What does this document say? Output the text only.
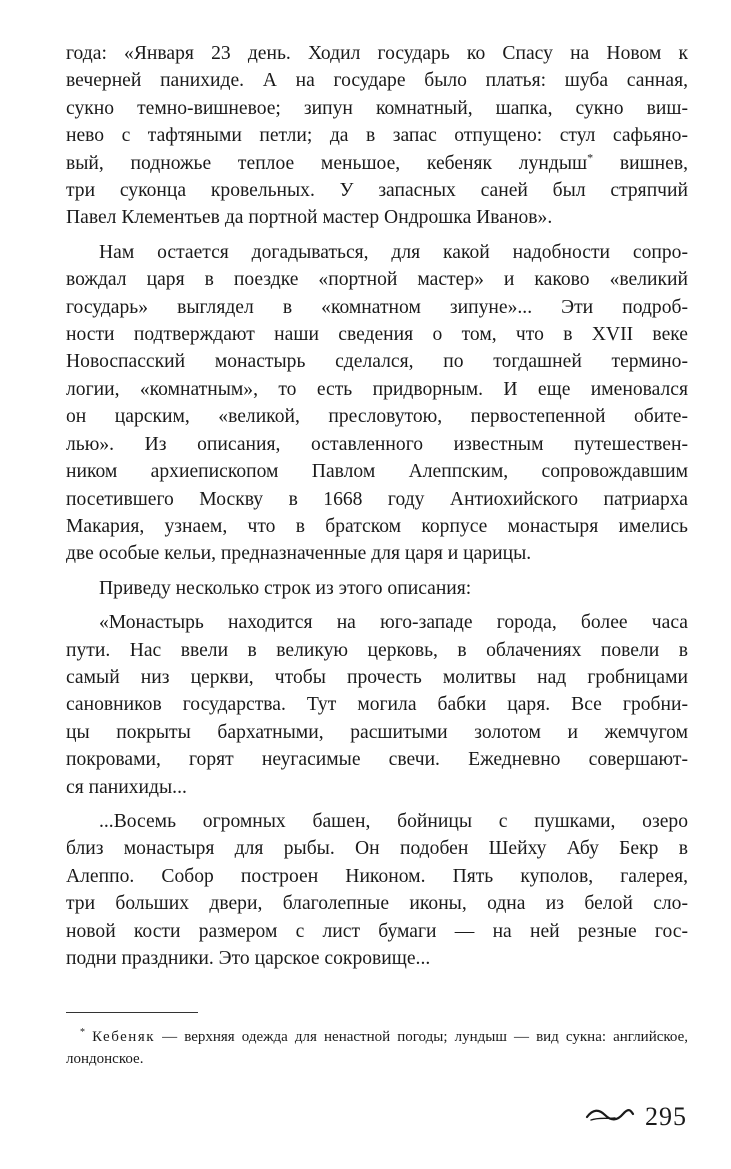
года: «Января 23 день. Ходил государь ко Спасу на Новом к
вечерней панихиде. А на государе было платья: шуба санная,
сукно темно-вишневое; зипун комнатный, шапка, сукно виш-
нево с тафтяными петли; да в запас отпущено: стул сафьяно-
вый, подножье теплое меньшое, кебеняк лундыш* вишнев,
три суконца кровельных. У запасных саней был стряпчий
Павел Клементьев да портной мастер Ондрошка Иванов».

Нам остается догадываться, для какой надобности сопро-
вождал царя в поездке «портной мастер» и каково «великий
государь» выглядел в «комнатном зипуне»... Эти подроб-
ности подтверждают наши сведения о том, что в XVII веке
Новоспасский монастырь сделался, по тогдашней термино-
логии, «комнатным», то есть придворным. И еще именовался
он царским, «великой, пресловутою, первостепенной обите-
лью». Из описания, оставленного известным путешествен-
ником архиепископом Павлом Алеппским, сопровождавшим
посетившего Москву в 1668 году Антиохийского патриарха
Макария, узнаем, что в братском корпусе монастыря имелись
две особые кельи, предназначенные для царя и царицы.

Приведу несколько строк из этого описания:

«Монастырь находится на юго-западе города, более часа
пути. Нас ввели в великую церковь, в облачениях повели в
самый низ церкви, чтобы прочесть молитвы над гробницами
сановников государства. Тут могила бабки царя. Все гробни-
цы покрыты бархатными, расшитыми золотом и жемчугом
покровами, горят неугасимые свечи. Ежедневно совершают-
ся панихиды...

...Восемь огромных башен, бойницы с пушками, озеро
близ монастыря для рыбы. Он подобен Шейху Абу Бекр в
Алеппо. Собор построен Никоном. Пять куполов, галерея,
три больших двери, благолепные иконы, одна из белой сло-
новой кости размером с лист бумаги — на ней резные гос-
подни праздники. Это царское сокровище...

* Кебеняк — верхняя одежда для ненастной погоды; лундыш — вид сукна: английское, лондонское.
295
